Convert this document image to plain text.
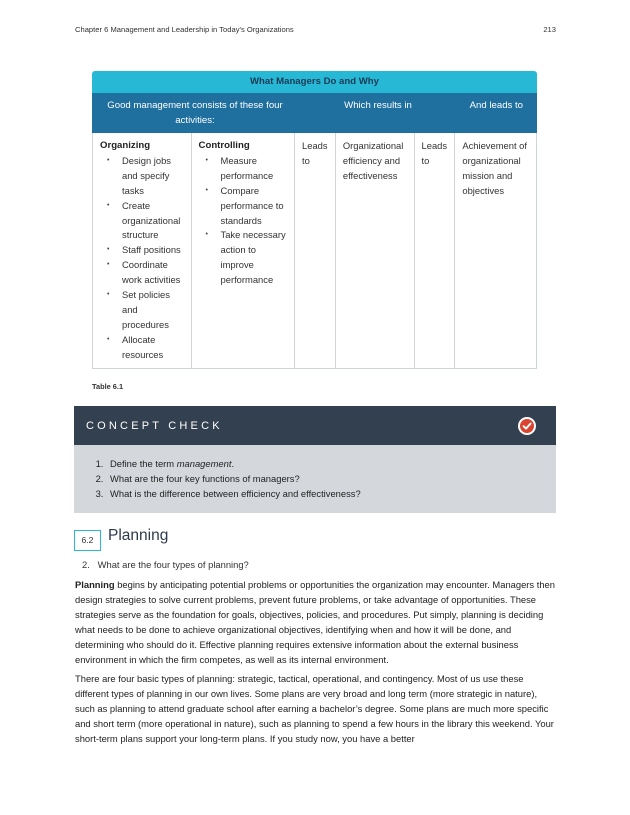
Chapter 6 Management and Leadership in Today's Organizations	213
What Managers Do and Why
Good management consists of these four activities:
Which results in	And leads to
Organizing
• Design jobs and specify tasks
• Create organizational structure
• Staff positions
• Coordinate work activities
• Set policies and procedures
• Allocate resources
Controlling
• Measure performance
• Compare performance to standards
• Take necessary action to improve performance
Leads to
Organizational efficiency and effectiveness
Leads to
Achievement of organizational mission and objectives
Table 6.1
CONCEPT CHECK
1. Define the term management.
2. What are the four key functions of managers?
3. What is the difference between efficiency and effectiveness?
6.2 Planning
2.   What are the four types of planning?

Planning begins by anticipating potential problems or opportunities the organization may encounter. Managers then design strategies to solve current problems, prevent future problems, or take advantage of opportunities. These strategies serve as the foundation for goals, objectives, policies, and procedures. Put simply, planning is deciding what needs to be done to achieve organizational objectives, identifying when and how it will be done, and determining who should do it. Effective planning requires extensive information about the external business environment in which the firm competes, as well as its internal environment.

There are four basic types of planning: strategic, tactical, operational, and contingency. Most of us use these different types of planning in our own lives. Some plans are very broad and long term (more strategic in nature), such as planning to attend graduate school after earning a bachelor’s degree. Some plans are much more specific and short term (more operational in nature), such as planning to spend a few hours in the library this weekend. Your short-term plans support your long-term plans. If you study now, you have a better
